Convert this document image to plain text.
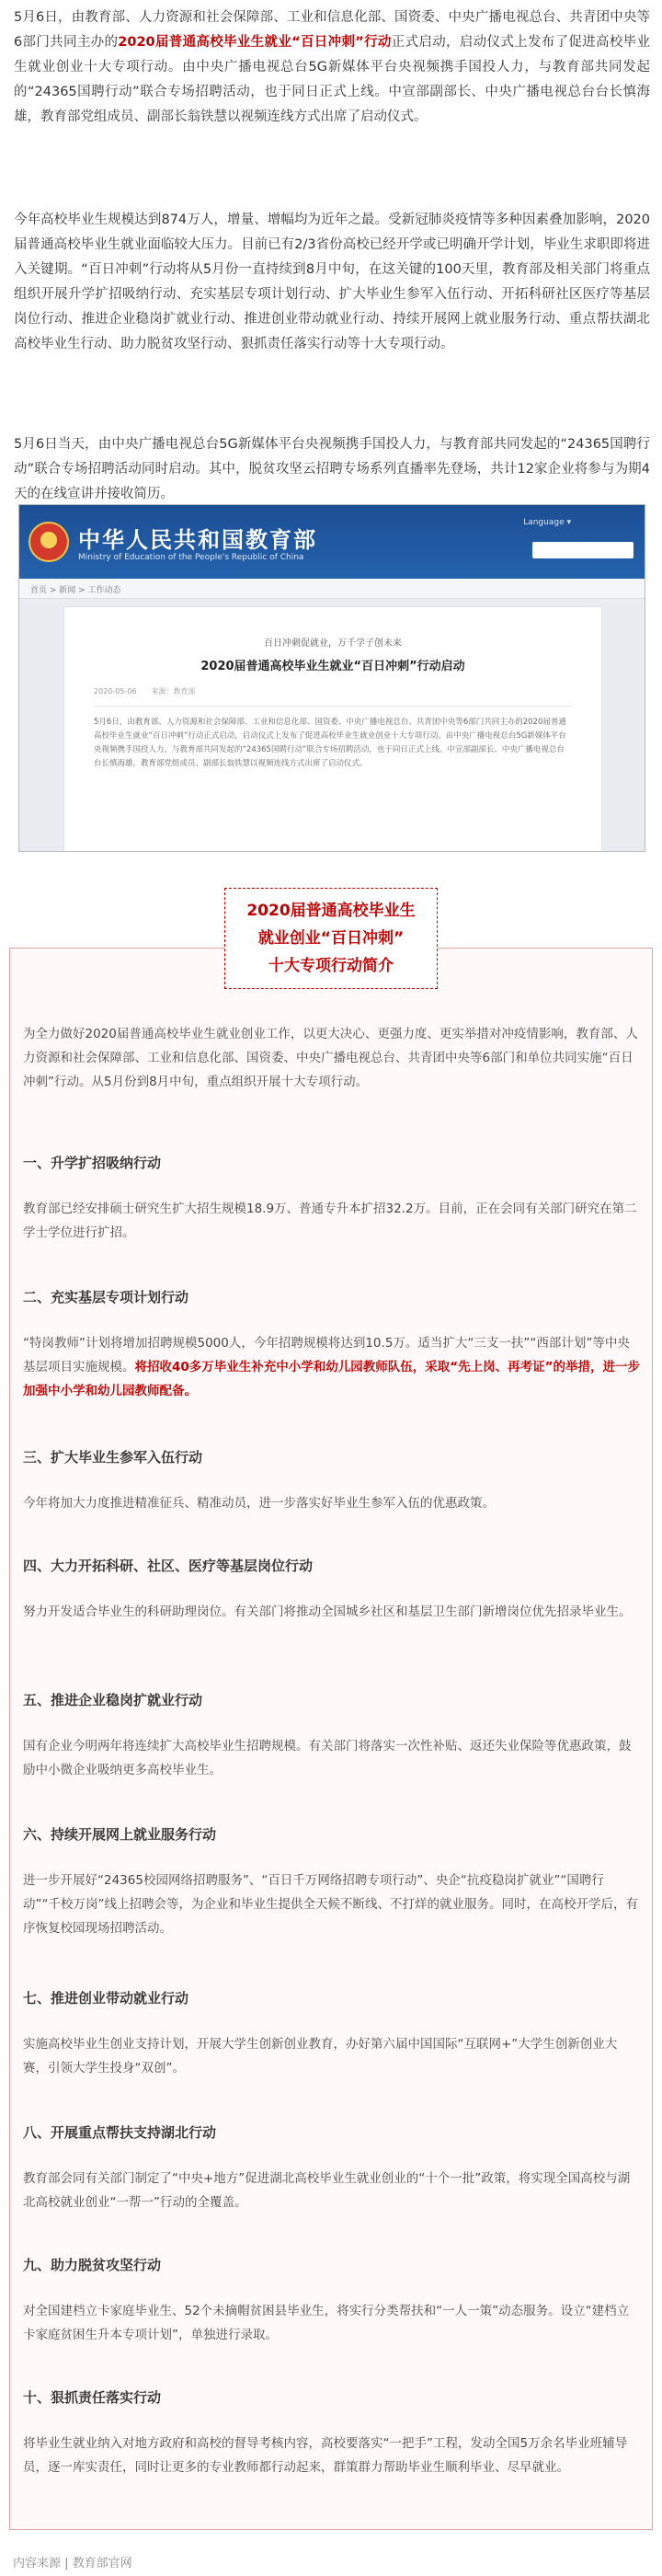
5月6日，由教育部、人力资源和社会保障部、工业和信息化部、国资委、中央广播电视总台、共青团中央等6部门共同主办的2020届普通高校毕业生就业“百日冲刺”行动正式启动，启动仪式上发布了促进高校毕业生就业创业十大专项行动。由中央广播电视总台5G新媒体平台央视频携手国投人力，与教育部共同发起的“24365国聘行动”联合专场招聘活动，也于同日正式上线。中宣部副部长、中央广播电视总台台长慎海雄，教育部党组成员、副部长翁铁慧以视频连线方式出席了启动仪式。

今年高校毕业生规模达到874万人，增量、增幅均为近年之最。受新冠肺炎疫情等多种因素叠加影响，2020届普通高校毕业生就业面临较大压力。目前已有2/3省份高校已经开学或已明确开学计划，毕业生求职即将进入关键期。“百日冲刺”行动将从5月份一直持续到8月中旬，在这关键的100天里，教育部及相关部门将重点组织开展升学扩招吸纳行动、充实基层专项计划行动、扩大毕业生参军入伍行动、开拓科研社区医疗等基层岗位行动、推进企业稳岗扩就业行动、推进创业带动就业行动、持续开展网上就业服务行动、重点帮扶湖北高校毕业生行动、助力脱贫攻坚行动、狠抓责任落实行动等十大专项行动。

5月6日当天，由中央广播电视总台5G新媒体平台央视频携手国投人力，与教育部共同发起的“24365国聘行动”联合专场招聘活动同时启动。其中，脱贫攻坚云招聘专场系列直播率先登场，共计12家企业将参与为期4天的在线宣讲并接收简历。

中华人民共和国教育部
Ministry of Education of the People's Republic of China
Language ▾
首页 > 新闻 > 工作动态
百日冲刺促就业，万千学子创未来
2020届普通高校毕业生就业“百日冲刺”行动启动
2020-05-06　　来源：教育部
5月6日，由教育部、人力资源和社会保障部、工业和信息化部、国资委、中央广播电视总台、共青团中央等6部门共同主办的2020届普通高校毕业生就业“百日冲刺”行动正式启动，启动仪式上发布了促进高校毕业生就业创业十大专项行动。由中央广播电视总台5G新媒体平台央视频携手国投人力，与教育部共同发起的“24365国聘行动”联合专场招聘活动，也于同日正式上线。中宣部副部长、中央广播电视总台台长慎海雄，教育部党组成员、副部长翁铁慧以视频连线方式出席了启动仪式。
2020届普通高校毕业生
就业创业“百日冲刺”
十大专项行动简介

为全力做好2020届普通高校毕业生就业创业工作，以更大决心、更强力度、更实举措对冲疫情影响，教育部、人力资源和社会保障部、工业和信息化部、国资委、中央广播电视总台、共青团中央等6部门和单位共同实施“百日冲刺”行动。从5月份到8月中旬，重点组织开展十大专项行动。

一、升学扩招吸纳行动

教育部已经安排硕士研究生扩大招生规模18.9万、普通专升本扩招32.2万。目前，正在会同有关部门研究在第二学士学位进行扩招。

二、充实基层专项计划行动

“特岗教师”计划将增加招聘规模5000人，今年招聘规模将达到10.5万。适当扩大“三支一扶”“西部计划”等中央基层项目实施规模。将招收40多万毕业生补充中小学和幼儿园教师队伍，采取“先上岗、再考证”的举措，进一步加强中小学和幼儿园教师配备。

三、扩大毕业生参军入伍行动

今年将加大力度推进精准征兵、精准动员，进一步落实好毕业生参军入伍的优惠政策。

四、大力开拓科研、社区、医疗等基层岗位行动

努力开发适合毕业生的科研助理岗位。有关部门将推动全国城乡社区和基层卫生部门新增岗位优先招录毕业生。

五、推进企业稳岗扩就业行动

国有企业今明两年将连续扩大高校毕业生招聘规模。有关部门将落实一次性补贴、返还失业保险等优惠政策，鼓励中小微企业吸纳更多高校毕业生。

六、持续开展网上就业服务行动

进一步开展好“24365校园网络招聘服务”、“百日千万网络招聘专项行动”、央企“抗疫稳岗扩就业”“国聘行动”“千校万岗”线上招聘会等，为企业和毕业生提供全天候不断线、不打烊的就业服务。同时，在高校开学后，有序恢复校园现场招聘活动。

七、推进创业带动就业行动

实施高校毕业生创业支持计划，开展大学生创新创业教育，办好第六届中国国际“互联网+”大学生创新创业大赛，引领大学生投身“双创”。

八、开展重点帮扶支持湖北行动

教育部会同有关部门制定了“中央+地方”促进湖北高校毕业生就业创业的“十个一批”政策，将实现全国高校与湖北高校就业创业“一帮一”行动的全覆盖。

九、助力脱贫攻坚行动

对全国建档立卡家庭毕业生、52个未摘帽贫困县毕业生，将实行分类帮扶和“一人一策”动态服务。设立“建档立卡家庭贫困生升本专项计划”，单独进行录取。

十、狠抓责任落实行动

将毕业生就业纳入对地方政府和高校的督导考核内容，高校要落实“一把手”工程，发动全国5万余名毕业班辅导员，逐一库实责任，同时让更多的专业教师都行动起来，群策群力帮助毕业生顺利毕业、尽早就业。

内容来源 | 教育部官网
